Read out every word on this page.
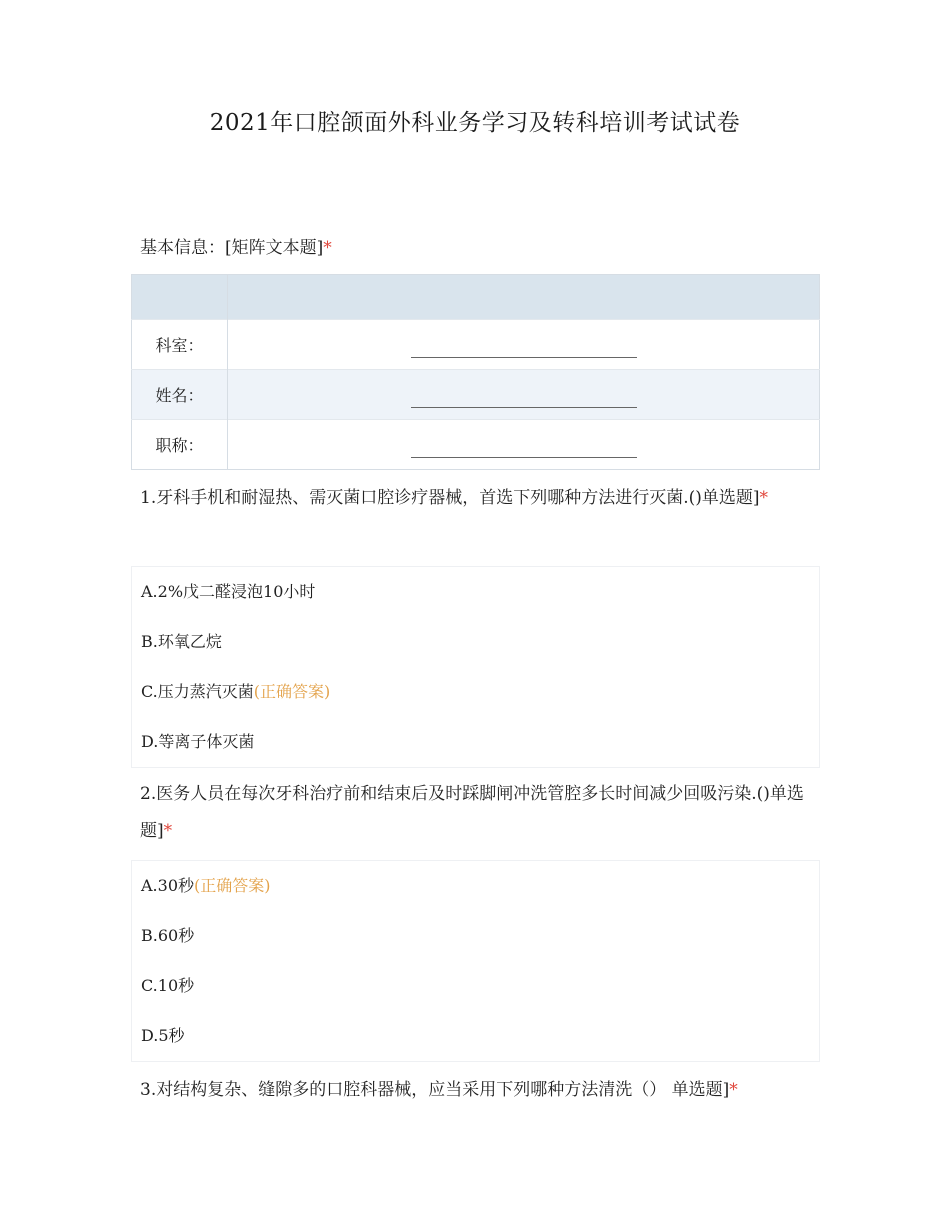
2021年口腔颌面外科业务学习及转科培训考试试卷
基本信息：[矩阵文本题]*

科室：	
姓名：	
职称：	
1.牙科手机和耐湿热、需灭菌口腔诊疗器械，首选下列哪种方法进行灭菌.()单选题]*
A.2%戊二醛浸泡10小时
B.环氧乙烷
C.压力蒸汽灭菌(正确答案)
D.等离子体灭菌
2.医务人员在每次牙科治疗前和结束后及时踩脚闸冲洗管腔多长时间减少回吸污染.()单选题]*
A.30秒(正确答案)
B.60秒
C.10秒
D.5秒
3.对结构复杂、缝隙多的口腔科器械，应当采用下列哪种方法清洗（） 单选题]*
